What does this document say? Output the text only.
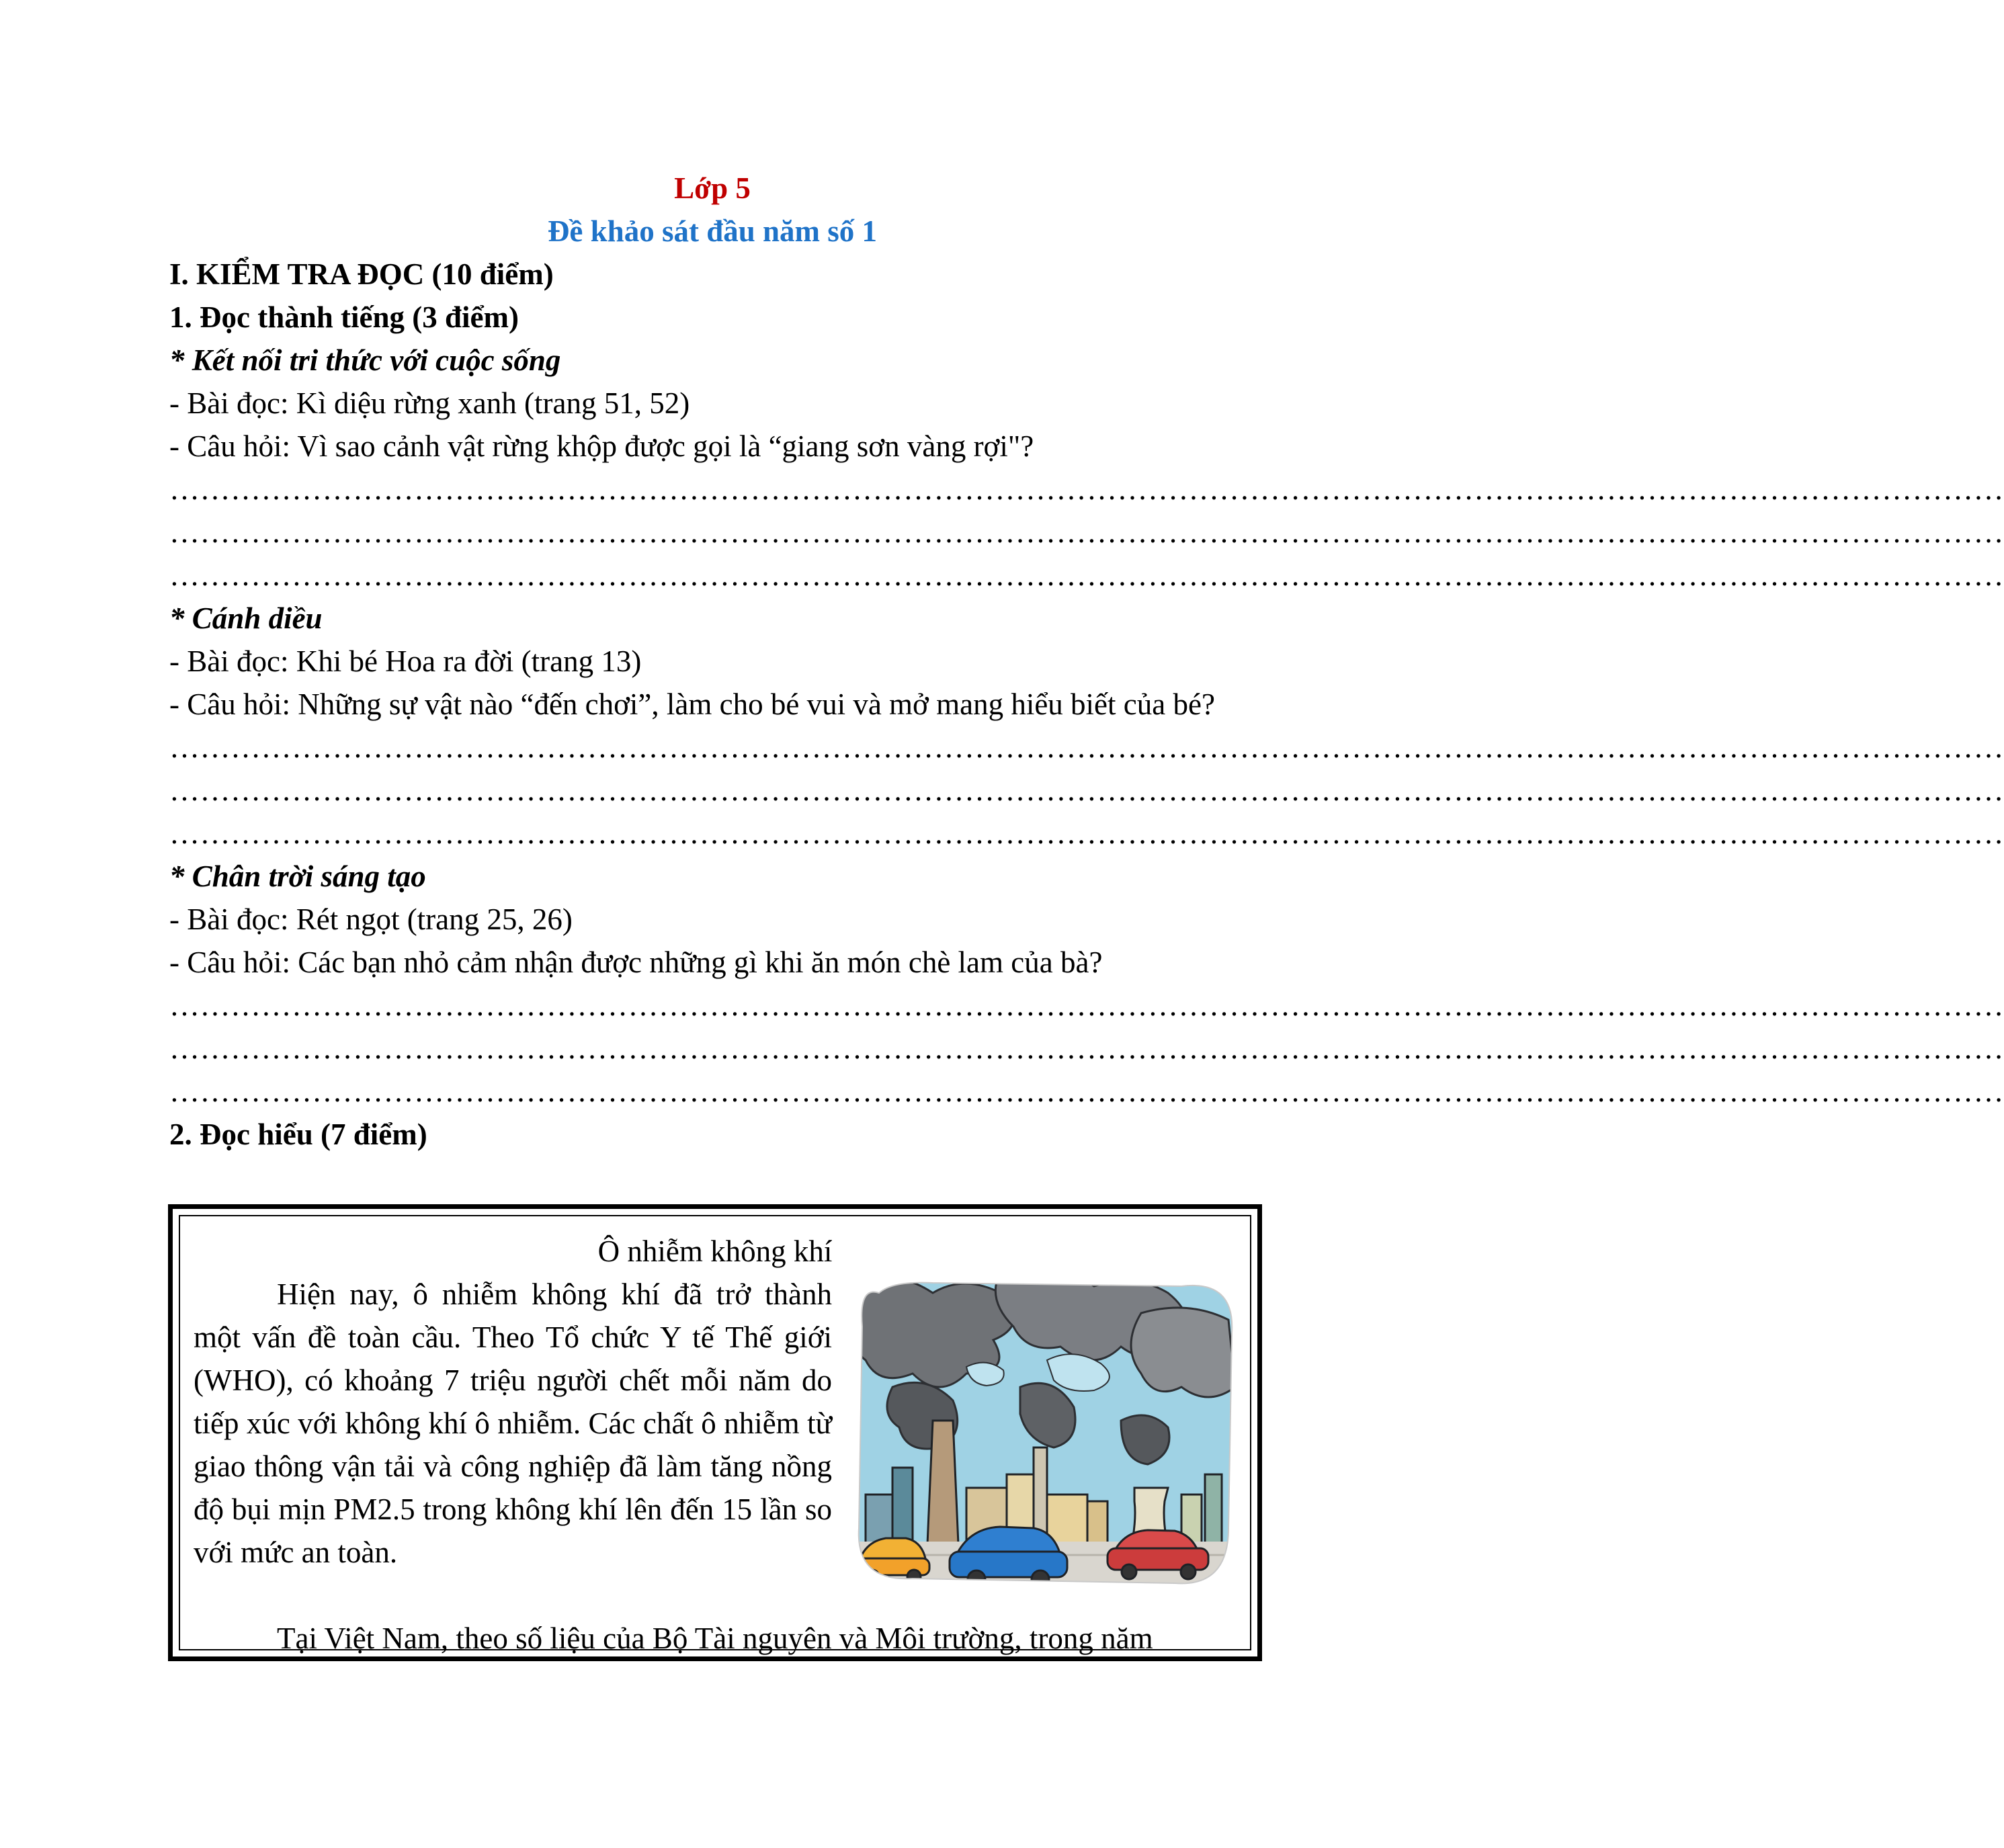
Lớp 5
Đề khảo sát đầu năm số 1
I. KIỂM TRA ĐỌC (10 điểm)
1. Đọc thành tiếng (3 điểm)
* Kết nối tri thức với cuộc sống
- Bài đọc: Kì diệu rừng xanh (trang 51, 52)
- Câu hỏi: Vì sao cảnh vật rừng khộp được gọi là “giang sơn vàng rợi"?
………………………………………………………………………………………………………………………………………………………………
………………………………………………………………………………………………………………………………………………………………
………………………………………………………………………………………………………………………………………………………………
* Cánh diều
- Bài đọc: Khi bé Hoa ra đời (trang 13)
- Câu hỏi: Những sự vật nào “đến chơi”, làm cho bé vui và mở mang hiểu biết của bé?
………………………………………………………………………………………………………………………………………………………………
………………………………………………………………………………………………………………………………………………………………
………………………………………………………………………………………………………………………………………………………………
* Chân trời sáng tạo
- Bài đọc: Rét ngọt (trang 25, 26)
- Câu hỏi: Các bạn nhỏ cảm nhận được những gì khi ăn món chè lam của bà?
………………………………………………………………………………………………………………………………………………………………
………………………………………………………………………………………………………………………………………………………………
………………………………………………………………………………………………………………………………………………………………
2. Đọc hiểu (7 điểm)
Ô nhiễm không khí
Hiện nay, ô nhiễm không khí đã trở thành một vấn đề toàn cầu. Theo Tổ chức Y tế Thế giới (WHO), có khoảng 7 triệu người chết mỗi năm do tiếp xúc với không khí ô nhiễm. Các chất ô nhiễm từ giao thông vận tải và công nghiệp đã làm tăng nồng độ bụi mịn PM2.5 trong không khí lên đến 15 lần so với mức an toàn.
Tại Việt Nam, theo số liệu của Bộ Tài nguyên và Môi trường, trong năm
